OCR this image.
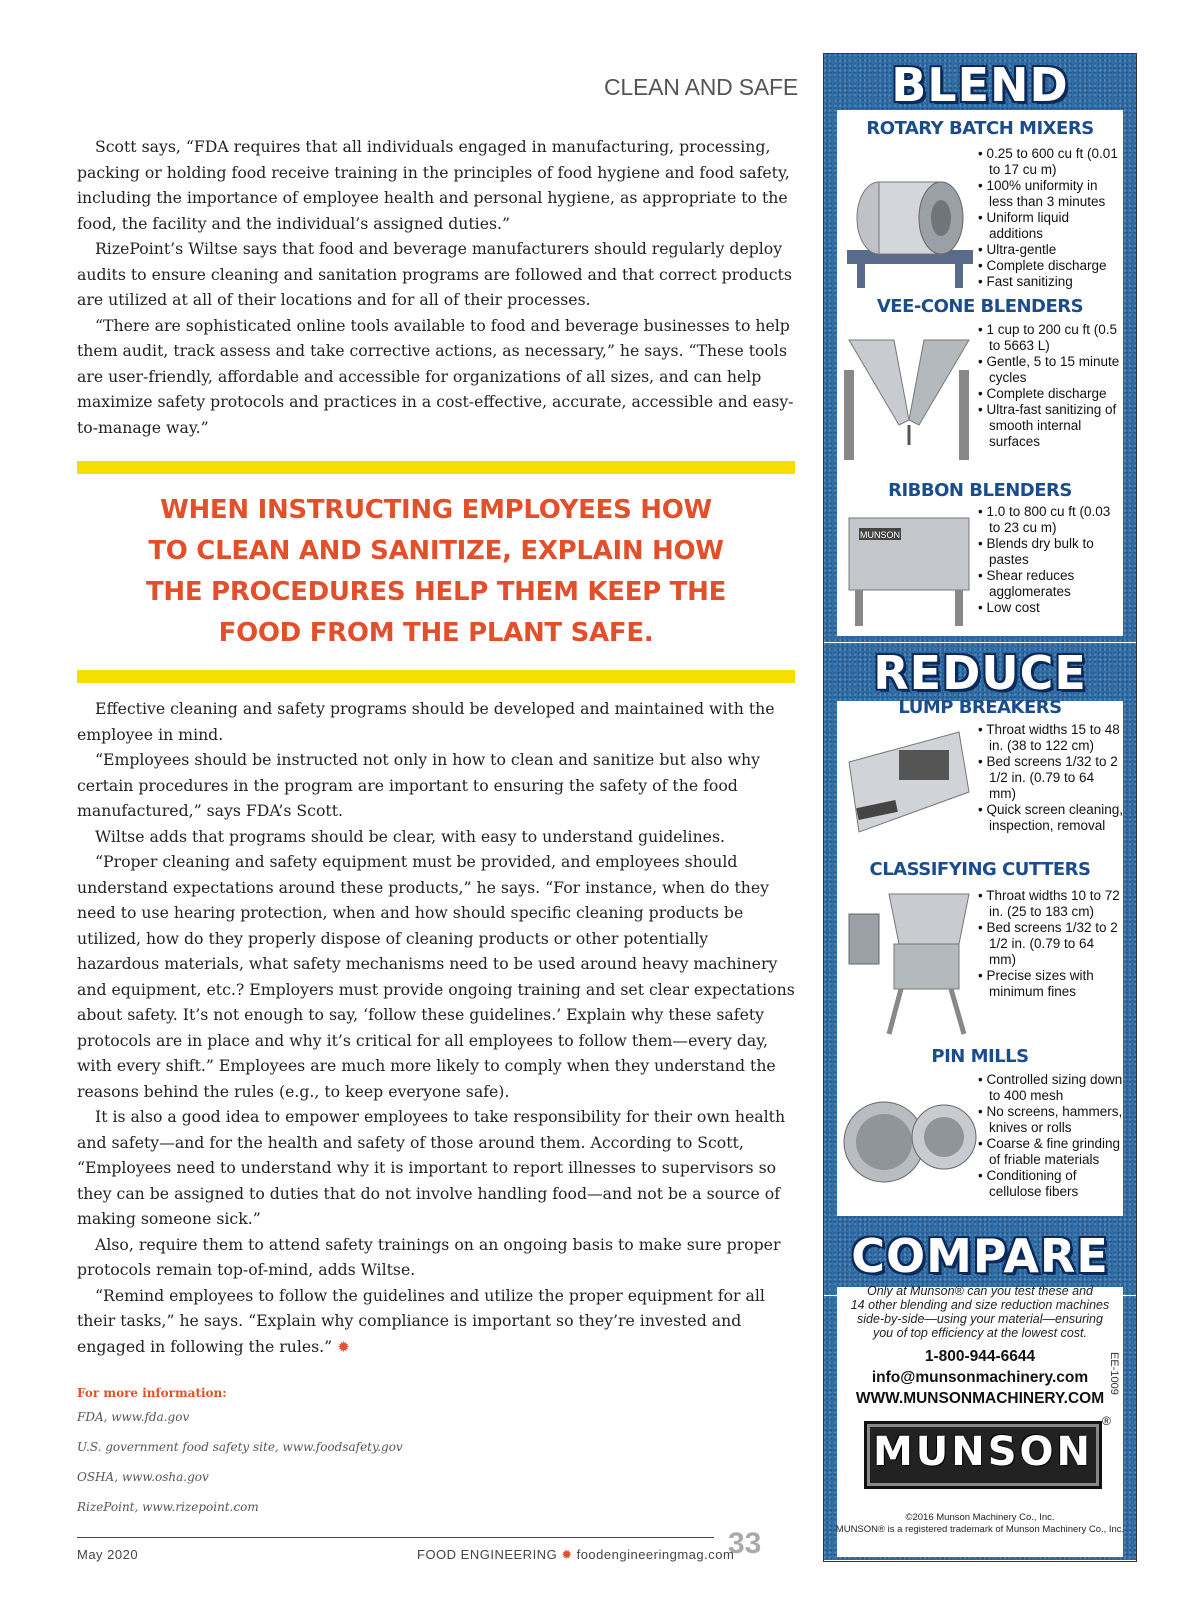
CLEAN AND SAFE

Scott says, “FDA requires that all individuals engaged in manufacturing, processing, packing or holding food receive training in the principles of food hygiene and food safety, including the importance of employee health and personal hygiene, as appropriate to the food, the facility and the individual’s assigned duties.”

RizePoint’s Wiltse says that food and beverage manufacturers should regularly deploy audits to ensure cleaning and sanitation programs are followed and that correct products are utilized at all of their locations and for all of their processes.

“There are sophisticated online tools available to food and beverage businesses to help them audit, track assess and take corrective actions, as necessary,” he says. “These tools are user-friendly, affordable and accessible for organizations of all sizes, and can help maximize safety protocols and practices in a cost-effective, accurate, accessible and easy-to-manage way.”

WHEN INSTRUCTING EMPLOYEES HOW
TO CLEAN AND SANITIZE, EXPLAIN HOW
THE PROCEDURES HELP THEM KEEP THE
FOOD FROM THE PLANT SAFE.

Effective cleaning and safety programs should be developed and maintained with the employee in mind.

“Employees should be instructed not only in how to clean and sanitize but also why certain procedures in the program are important to ensuring the safety of the food manufactured,” says FDA’s Scott.

Wiltse adds that programs should be clear, with easy to understand guidelines.

“Proper cleaning and safety equipment must be provided, and employees should understand expectations around these products,” he says. “For instance, when do they need to use hearing protection, when and how should specific cleaning products be utilized, how do they properly dispose of cleaning products or other potentially hazardous materials, what safety mechanisms need to be used around heavy machinery and equipment, etc.? Employers must provide ongoing training and set clear expectations about safety. It’s not enough to say, ‘follow these guidelines.’ Explain why these safety protocols are in place and why it’s critical for all employees to follow them—every day, with every shift.” Employees are much more likely to comply when they understand the reasons behind the rules (e.g., to keep everyone safe).

It is also a good idea to empower employees to take responsibility for their own health and safety—and for the health and safety of those around them. According to Scott, “Employees need to understand why it is important to report illnesses to supervisors so they can be assigned to duties that do not involve handling food—and not be a source of making someone sick.”

Also, require them to attend safety trainings on an ongoing basis to make sure proper protocols remain top-of-mind, adds Wiltse.

“Remind employees to follow the guidelines and utilize the proper equipment for all their tasks,” he says. “Explain why compliance is important so they’re invested and engaged in following the rules.” ✹

For more information:
FDA, www.fda.gov
U.S. government food safety site, www.foodsafety.gov
OSHA, www.osha.gov
RizePoint, www.rizepoint.com
May 2020	FOOD ENGINEERING ✹ foodengineeringmag.com
33
BLEND
REDUCE
COMPARE
ROTARY BATCH MIXERS
• 0.25 to 600 cu ft (0.01 to 17 cu m)
• 100% uniformity in less than 3 minutes
• Uniform liquid additions
• Ultra-gentle
• Complete discharge
• Fast sanitizing
VEE-CONE BLENDERS
• 1 cup to 200 cu ft (0.5 to 5663 L)
• Gentle, 5 to 15 minute cycles
• Complete discharge
• Ultra-fast sanitizing of smooth internal surfaces
RIBBON BLENDERS
MUNSON
• 1.0 to 800 cu ft (0.03 to 23 cu m)
• Blends dry bulk to pastes
• Shear reduces agglomerates
• Low cost
LUMP BREAKERS
• Throat widths 15 to 48 in. (38 to 122 cm)
• Bed screens 1/32 to 2 1/2 in. (0.79 to 64 mm)
• Quick screen cleaning, inspection, removal
CLASSIFYING CUTTERS
• Throat widths 10 to 72 in. (25 to 183 cm)
• Bed screens 1/32 to 2 1/2 in. (0.79 to 64 mm)
• Precise sizes with minimum fines
PIN MILLS
• Controlled sizing down to 400 mesh
• No screens, hammers, knives or rolls
• Coarse & fine grinding of friable materials
• Conditioning of cellulose fibers
Only at Munson® can you test these and
14 other blending and size reduction machines
side-by-side—using your material—ensuring
you of top efficiency at the lowest cost.
1-800-944-6644
info@munsonmachinery.com
WWW.MUNSONMACHINERY.COM
EE-1009
MUNSON
®
©2016 Munson Machinery Co., Inc.
MUNSON® is a registered trademark of Munson Machinery Co., Inc.
